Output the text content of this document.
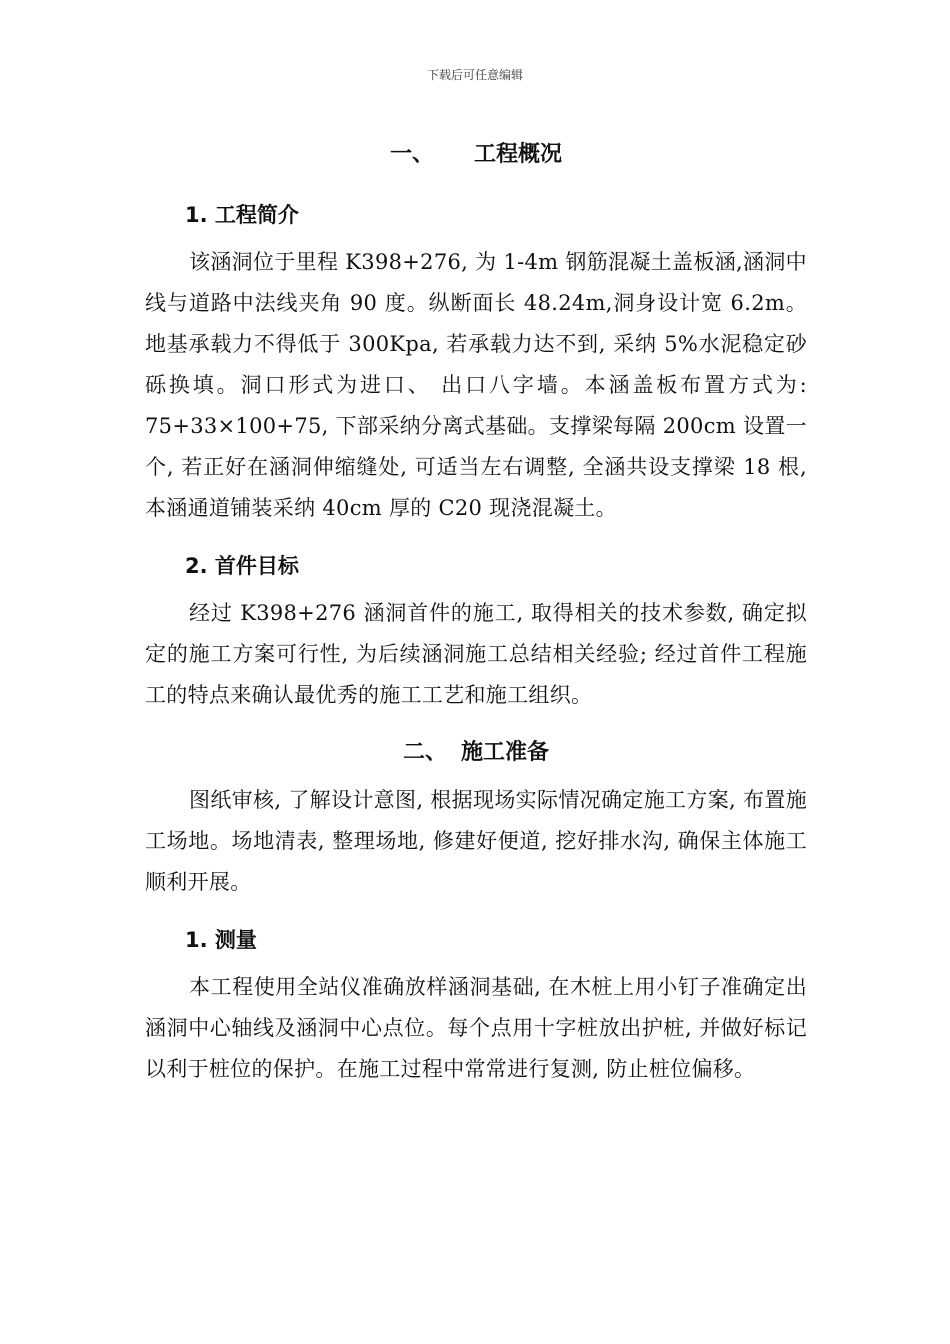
下载后可任意编辑
一、 工程概况
1. 工程简介

该涵洞位于里程 K398+276, 为 1-4m 钢筋混凝土盖板涵,涵洞中线与道路中法线夹角 90 度。纵断面长 48.24m,洞身设计宽 6.2m。地基承载力不得低于 300Kpa, 若承载力达不到, 采纳 5%水泥稳定砂砾换填。洞口形式为进口、 出口八字墙。本涵盖板布置方式为: 75+33×100+75, 下部采纳分离式基础。支撑梁每隔 200cm 设置一个, 若正好在涵洞伸缩缝处, 可适当左右调整, 全涵共设支撑梁 18 根, 本涵通道铺装采纳 40cm 厚的 C20 现浇混凝土。

2. 首件目标

经过 K398+276 涵洞首件的施工, 取得相关的技术参数, 确定拟定的施工方案可行性, 为后续涵洞施工总结相关经验; 经过首件工程施工的特点来确认最优秀的施工工艺和施工组织。

二、 施工准备

图纸审核, 了解设计意图, 根据现场实际情况确定施工方案, 布置施工场地。场地清表, 整理场地, 修建好便道, 挖好排水沟, 确保主体施工顺利开展。

1. 测量

本工程使用全站仪准确放样涵洞基础, 在木桩上用小钉子准确定出涵洞中心轴线及涵洞中心点位。每个点用十字桩放出护桩, 并做好标记以利于桩位的保护。在施工过程中常常进行复测, 防止桩位偏移。
